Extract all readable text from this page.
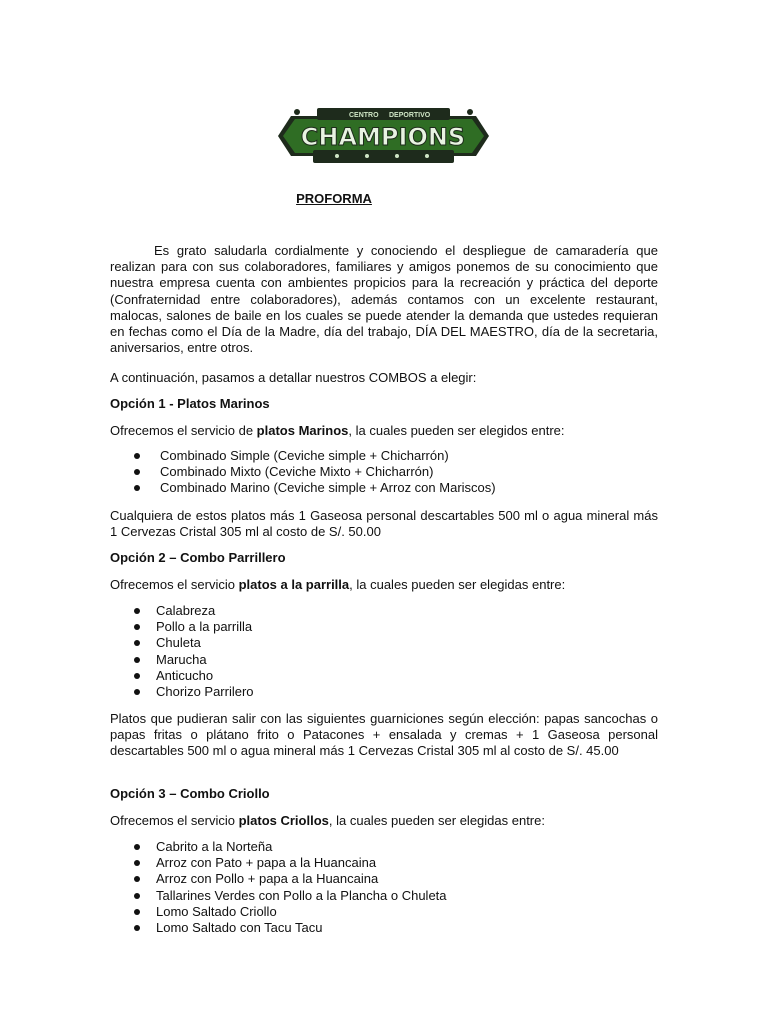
CENTRO DEPORTIVO
CHAMPIONS
PROFORMA
Es grato saludarla cordialmente y conociendo el despliegue de camaradería que realizan para con sus colaboradores, familiares y amigos ponemos de su conocimiento que nuestra empresa cuenta con ambientes propicios para la recreación y práctica del deporte (Confraternidad entre colaboradores), además contamos con un excelente restaurant, malocas, salones de baile en los cuales se puede atender la demanda que ustedes requieran en fechas como el Día de la Madre, día del trabajo, DÍA DEL MAESTRO, día de la secretaria, aniversarios, entre otros.
A continuación, pasamos a detallar nuestros COMBOS a elegir:
Opción 1 - Platos Marinos
Ofrecemos el servicio de platos Marinos, la cuales pueden ser elegidos entre:
Combinado Simple (Ceviche simple + Chicharrón)
Combinado Mixto (Ceviche Mixto + Chicharrón)
Combinado Marino (Ceviche simple + Arroz con Mariscos)
Cualquiera de estos platos más 1 Gaseosa personal descartables 500 ml o agua mineral más 1 Cervezas Cristal 305 ml al costo de S/. 50.00
Opción 2 – Combo Parrillero
Ofrecemos el servicio platos a la parrilla, la cuales pueden ser elegidas entre:
Calabreza
Pollo a la parrilla
Chuleta
Marucha
Anticucho
Chorizo Parrilero
Platos que pudieran salir con las siguientes guarniciones según elección: papas sancochas o papas fritas o plátano frito o Patacones + ensalada y cremas + 1 Gaseosa personal descartables 500 ml o agua mineral más 1 Cervezas Cristal 305 ml al costo de S/. 45.00
Opción 3 – Combo Criollo
Ofrecemos el servicio platos Criollos, la cuales pueden ser elegidas entre:
Cabrito a la Norteña
Arroz con Pato + papa a la Huancaina
Arroz con Pollo + papa a la Huancaina
Tallarines Verdes con Pollo a la Plancha o Chuleta
Lomo Saltado Criollo
Lomo Saltado con Tacu Tacu
